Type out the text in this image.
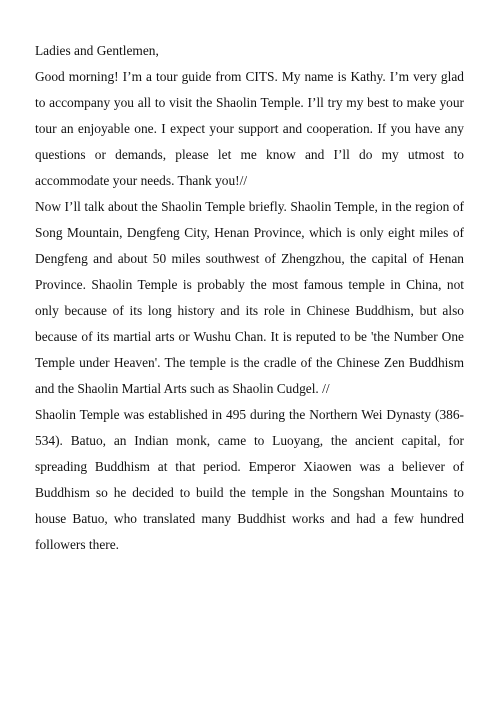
Ladies and Gentlemen,

Good morning! I’m a tour guide from CITS. My name is Kathy. I’m very glad to accompany you all to visit the Shaolin Temple. I’ll try my best to make your tour an enjoyable one. I expect your support and cooperation. If you have any questions or demands, please let me know and I’ll do my utmost to accommodate your needs. Thank you!//

Now I’ll talk about the Shaolin Temple briefly. Shaolin Temple, in the region of Song Mountain, Dengfeng City, Henan Province, which is only eight miles of Dengfeng and about 50 miles southwest of Zhengzhou, the capital of Henan Province. Shaolin Temple is probably the most famous temple in China, not only because of its long history and its role in Chinese Buddhism, but also because of its martial arts or Wushu Chan. It is reputed to be 'the Number One Temple under Heaven'. The temple is the cradle of the Chinese Zen Buddhism and the Shaolin Martial Arts such as Shaolin Cudgel. //

Shaolin Temple was established in 495 during the Northern Wei Dynasty (386-534). Batuo, an Indian monk, came to Luoyang, the ancient capital, for spreading Buddhism at that period. Emperor Xiaowen was a believer of Buddhism so he decided to build the temple in the Songshan Mountains to house Batuo, who translated many Buddhist works and had a few hundred followers there.
